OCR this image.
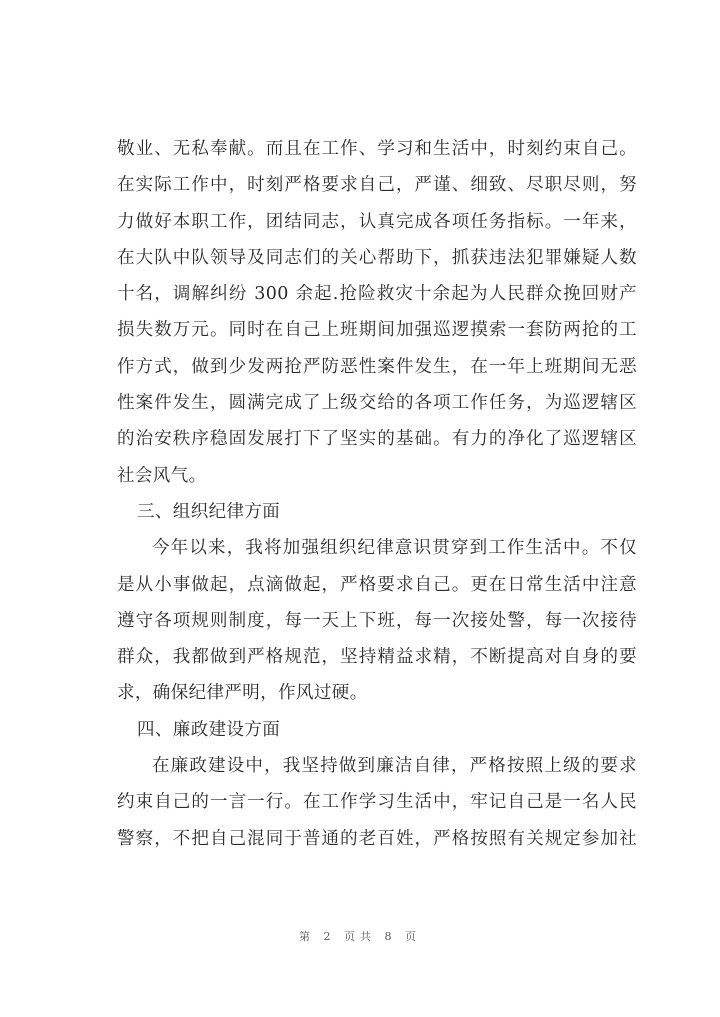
敬业、无私奉献。而且在工作、学习和生活中，时刻约束自己。
在实际工作中，时刻严格要求自己，严谨、细致、尽职尽则，努
力做好本职工作，团结同志，认真完成各项任务指标。一年来，
在大队中队领导及同志们的关心帮助下，抓获违法犯罪嫌疑人数
十名，调解纠纷 300 余起.抢险救灾十余起为人民群众挽回财产
损失数万元。同时在自己上班期间加强巡逻摸索一套防两抢的工
作方式，做到少发两抢严防恶性案件发生，在一年上班期间无恶
性案件发生，圆满完成了上级交给的各项工作任务，为巡逻辖区
的治安秩序稳固发展打下了坚实的基础。有力的净化了巡逻辖区
社会风气。
三、组织纪律方面
今年以来，我将加强组织纪律意识贯穿到工作生活中。不仅
是从小事做起，点滴做起，严格要求自己。更在日常生活中注意
遵守各项规则制度，每一天上下班，每一次接处警，每一次接待
群众，我都做到严格规范，坚持精益求精，不断提高对自身的要
求，确保纪律严明，作风过硬。
四、廉政建设方面
在廉政建设中，我坚持做到廉洁自律，严格按照上级的要求
约束自己的一言一行。在工作学习生活中，牢记自己是一名人民
警察，不把自己混同于普通的老百姓，严格按照有关规定参加社
第 2 页共 8 页
